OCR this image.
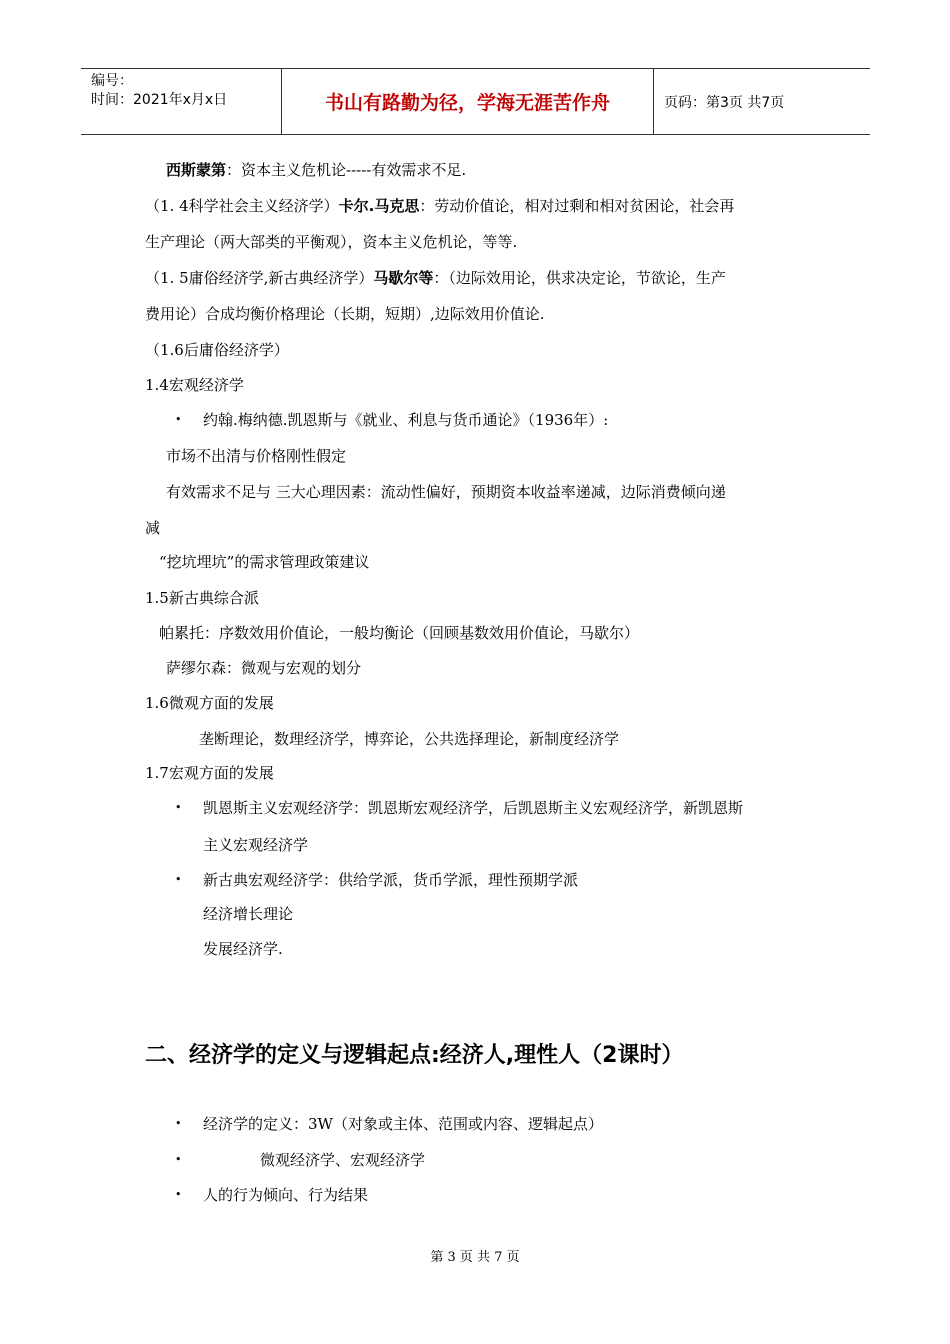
编号：
时间：2021年x月x日	书山有路勤为径，学海无涯苦作舟	页码：第3页 共7页
西斯蒙第：资本主义危机论-----有效需求不足.
（1. 4科学社会主义经济学）卡尔.马克思：劳动价值论，相对过剩和相对贫困论，社会再
生产理论（两大部类的平衡观），资本主义危机论，等等.
（1. 5庸俗经济学,新古典经济学）马歇尔等：（边际效用论，供求决定论，节欲论，生产
费用论）合成均衡价格理论（长期，短期）,边际效用价值论.
（1.6后庸俗经济学）
1.4宏观经济学
• 约翰.梅纳德.凯恩斯与《就业、利息与货币通论》（1936年）:
市场不出清与价格刚性假定
有效需求不足与 三大心理因素：流动性偏好，预期资本收益率递减，边际消费倾向递
减
“挖坑埋坑”的需求管理政策建议
1.5新古典综合派
帕累托：序数效用价值论，一般均衡论（回顾基数效用价值论，马歇尔）
萨缪尔森：微观与宏观的划分
1.6微观方面的发展
垄断理论，数理经济学，博弈论，公共选择理论，新制度经济学
1.7宏观方面的发展
• 凯恩斯主义宏观经济学：凯恩斯宏观经济学，后凯恩斯主义宏观经济学，新凯恩斯
主义宏观经济学
• 新古典宏观经济学：供给学派，货币学派，理性预期学派
经济增长理论
发展经济学.
二、经济学的定义与逻辑起点:经济人,理性人（2课时）
• 经济学的定义：3W（对象或主体、范围或内容、逻辑起点）
•	微观经济学、宏观经济学
• 人的行为倾向、行为结果
第 3 页 共 7 页
